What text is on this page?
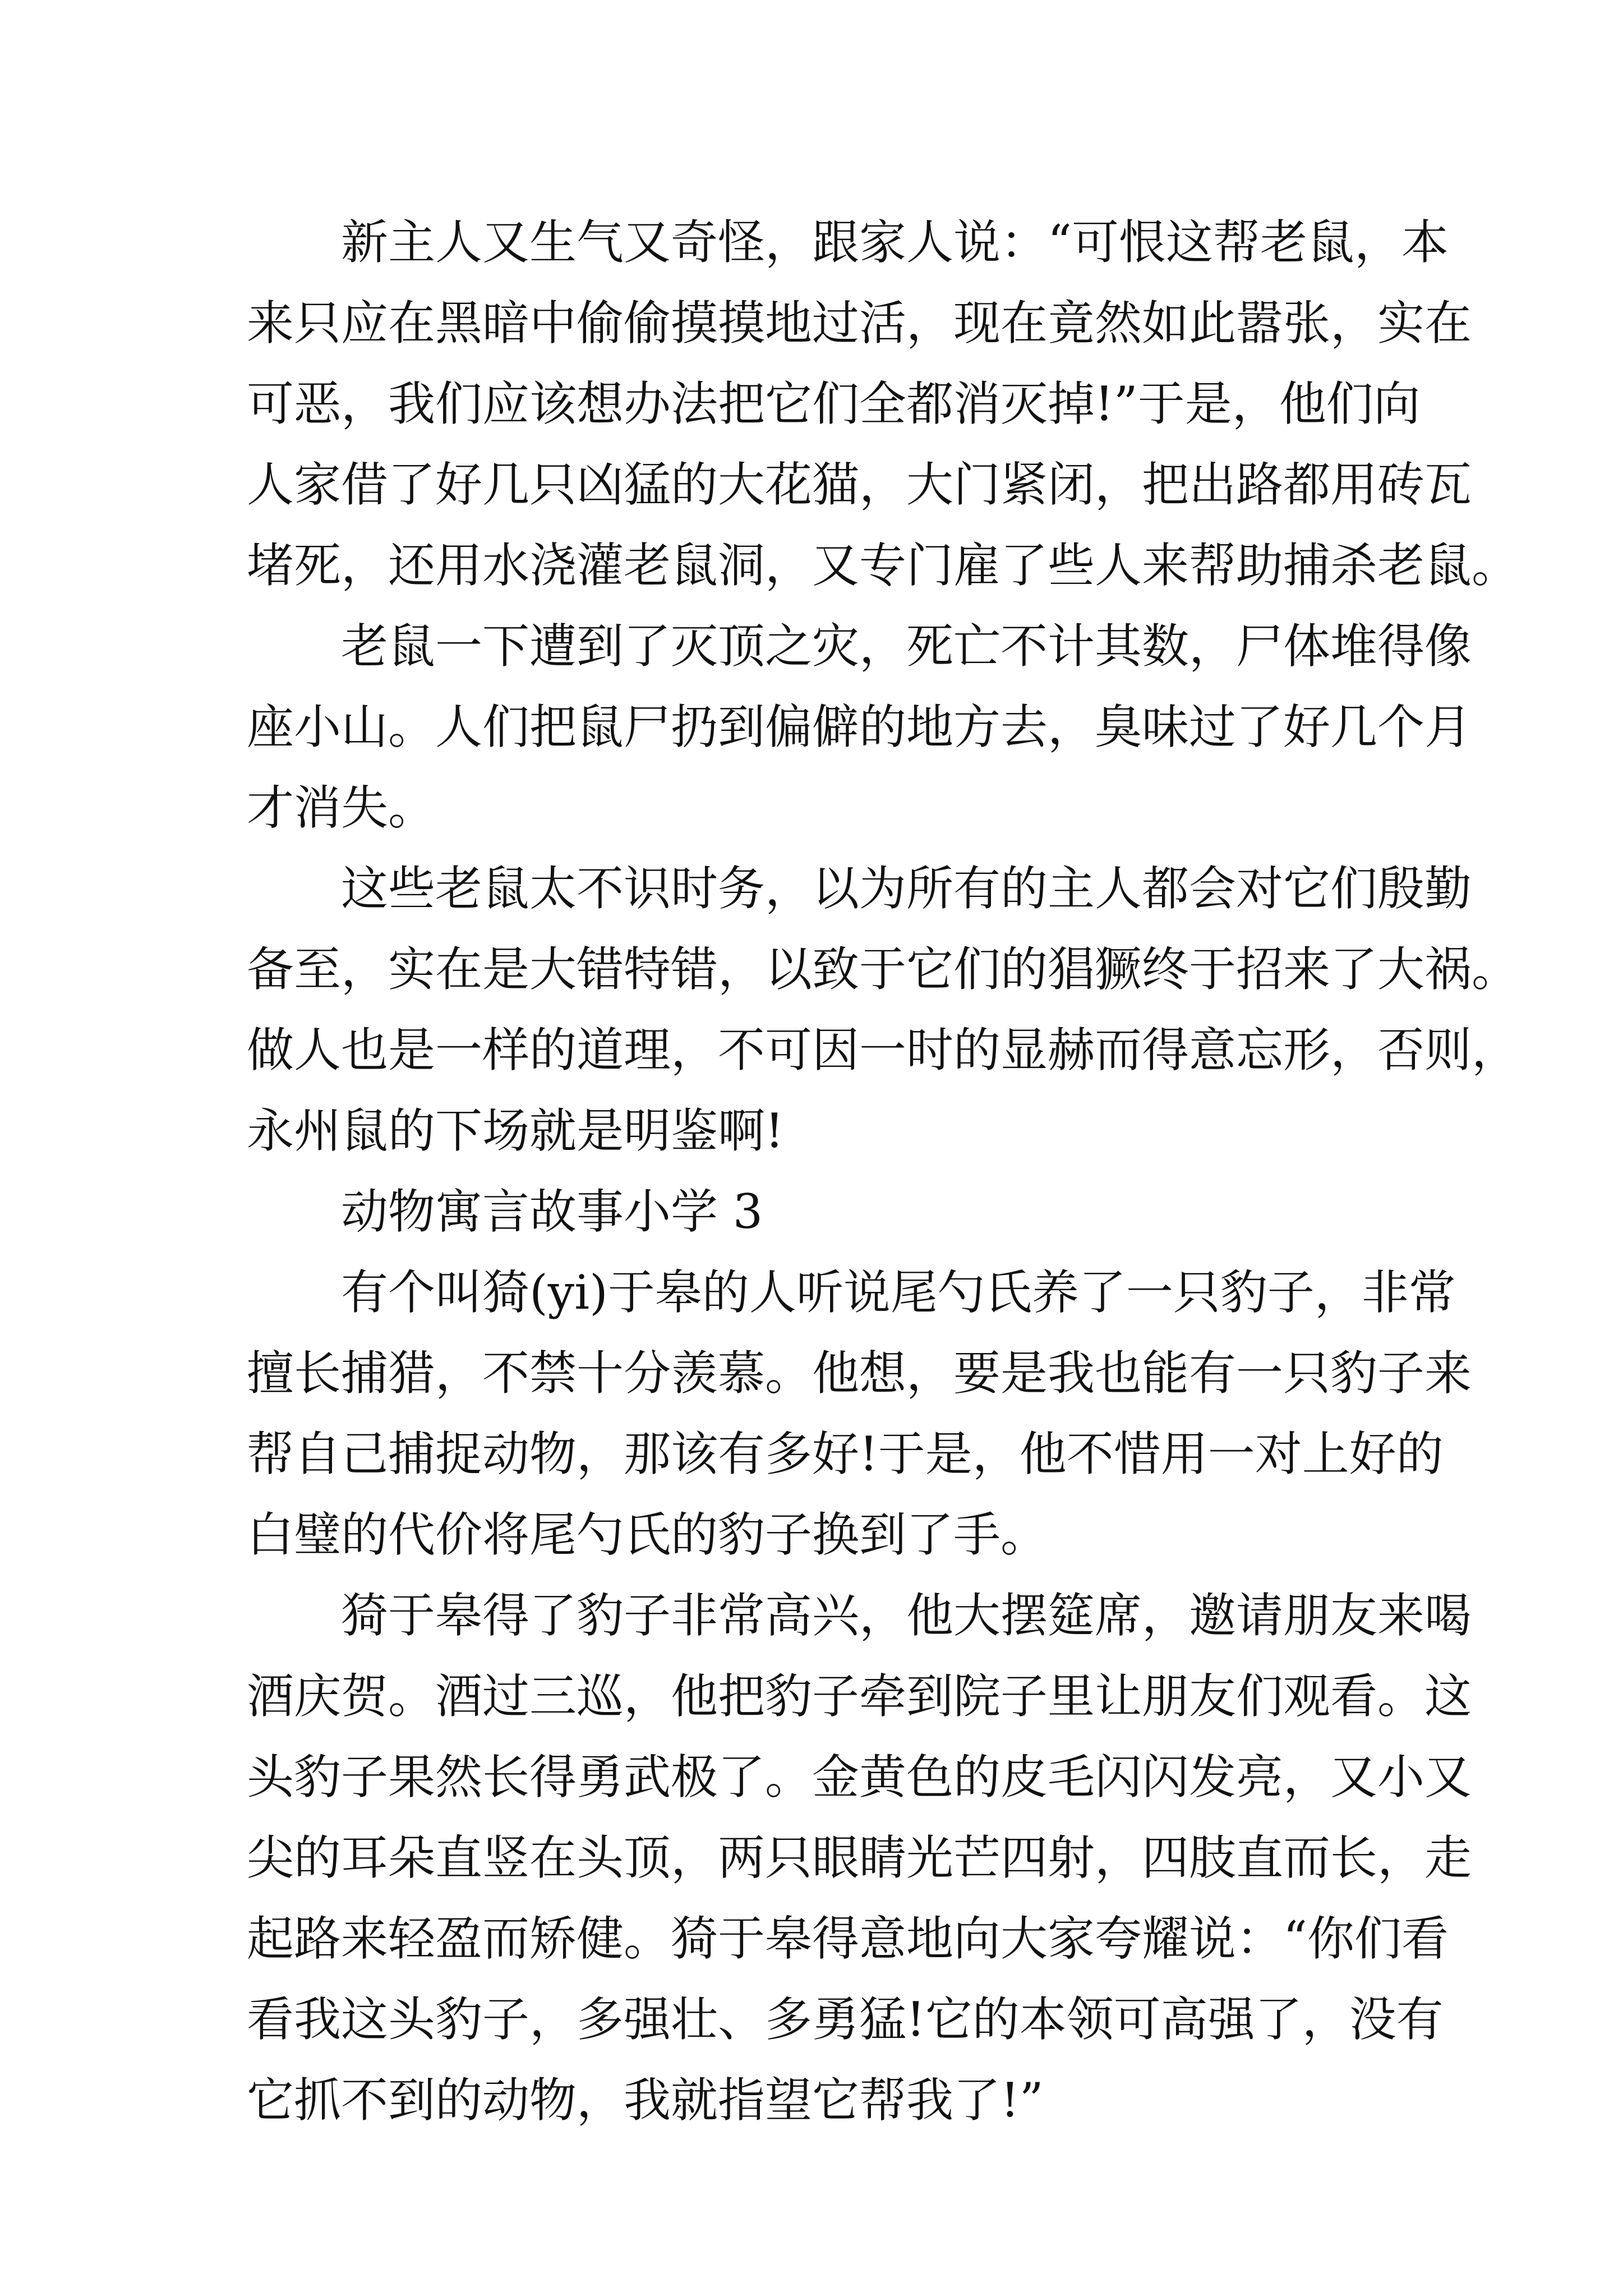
新主人又生气又奇怪，跟家人说：“可恨这帮老鼠，本
来只应在黑暗中偷偷摸摸地过活，现在竟然如此嚣张，实在
可恶，我们应该想办法把它们全都消灭掉!”于是，他们向
人家借了好几只凶猛的大花猫，大门紧闭，把出路都用砖瓦
堵死，还用水浇灌老鼠洞，又专门雇了些人来帮助捕杀老鼠。
老鼠一下遭到了灭顶之灾，死亡不计其数，尸体堆得像
座小山。人们把鼠尸扔到偏僻的地方去，臭味过了好几个月
才消失。
这些老鼠太不识时务，以为所有的主人都会对它们殷勤
备至，实在是大错特错，以致于它们的猖獗终于招来了大祸。
做人也是一样的道理，不可因一时的显赫而得意忘形，否则，
永州鼠的下场就是明鉴啊!
动物寓言故事小学 3
有个叫猗(yi)于皋的人听说尾勺氏养了一只豹子，非常
擅长捕猎，不禁十分羡慕。他想，要是我也能有一只豹子来
帮自己捕捉动物，那该有多好!于是，他不惜用一对上好的
白璧的代价将尾勺氏的豹子换到了手。
猗于皋得了豹子非常高兴，他大摆筵席，邀请朋友来喝
酒庆贺。酒过三巡，他把豹子牵到院子里让朋友们观看。这
头豹子果然长得勇武极了。金黄色的皮毛闪闪发亮，又小又
尖的耳朵直竖在头顶，两只眼睛光芒四射，四肢直而长，走
起路来轻盈而矫健。猗于皋得意地向大家夸耀说：“你们看
看我这头豹子，多强壮、多勇猛!它的本领可高强了，没有
它抓不到的动物，我就指望它帮我了!”
